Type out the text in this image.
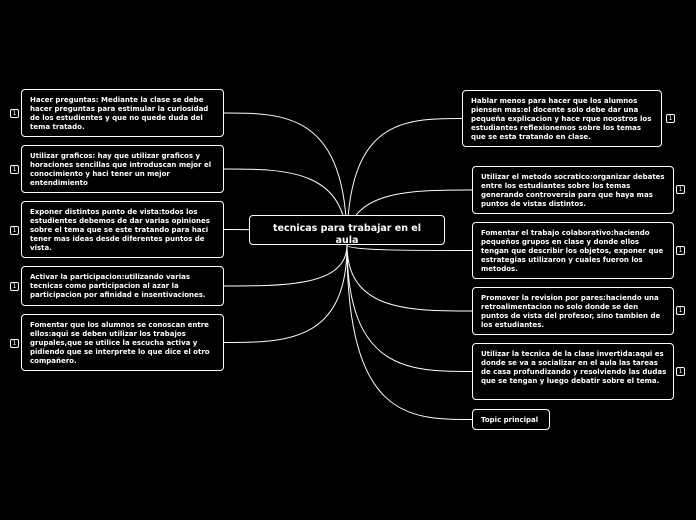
tecnicas para trabajar en el aula
Hacer preguntas: Mediante la clase se debe hacer preguntas para estimular la curiosidad de los estudientes y que no quede duda del tema tratado.
1
Utilizar graficos: hay que utilizar graficos y horaciones sencillas que introduscan mejor el conocimiento y haci tener un mejor entendimiento
1
Exponer distintos punto de vista:todos los estudientes debemos de dar varias opiniones sobre el tema que se este tratando para haci tener mas ideas desde diferentes puntos de vista.
1
Activar la participacion:utilizando varias tecnicas como participacion al azar la participacion por afinidad e insentivaciones.
1
Fomentar que los alumnos se conoscan entre ellos:aqui se deben utilizar los trabajos grupales,que se utilice la escucha activa y pidiendo que se interprete lo que dice el otro compañero.
1
Hablar menos para hacer que los alumnos piensen mas:el docente solo debe dar una pequeña explicacion y hace rque noostros los estudiantes reflexionemos sobre los temas que se esta tratando en clase.
1
Utilizar el metodo socratico:organizar debates entre los estudiantes sobre los temas generando controversia para que haya mas puntos de vistas distintos.
1
Fomentar el trabajo colaborativo:haciendo pequeños grupos en clase y donde ellos tengan que describir los objetos, exponer que estrategias utilizaron y cuales fueron los metodos.
1
Promover la revision por pares:haciendo una retroalimentacion no solo donde se den puntos de vista del profesor, sino tambien de los estudiantes.
1
Utilizar la tecnica de la clase invertida:aqui es donde se va a socializar en el aula las tareas de casa profundizando y resolviendo las dudas que se tengan y luego debatir sobre el tema.
1
Topic principal
